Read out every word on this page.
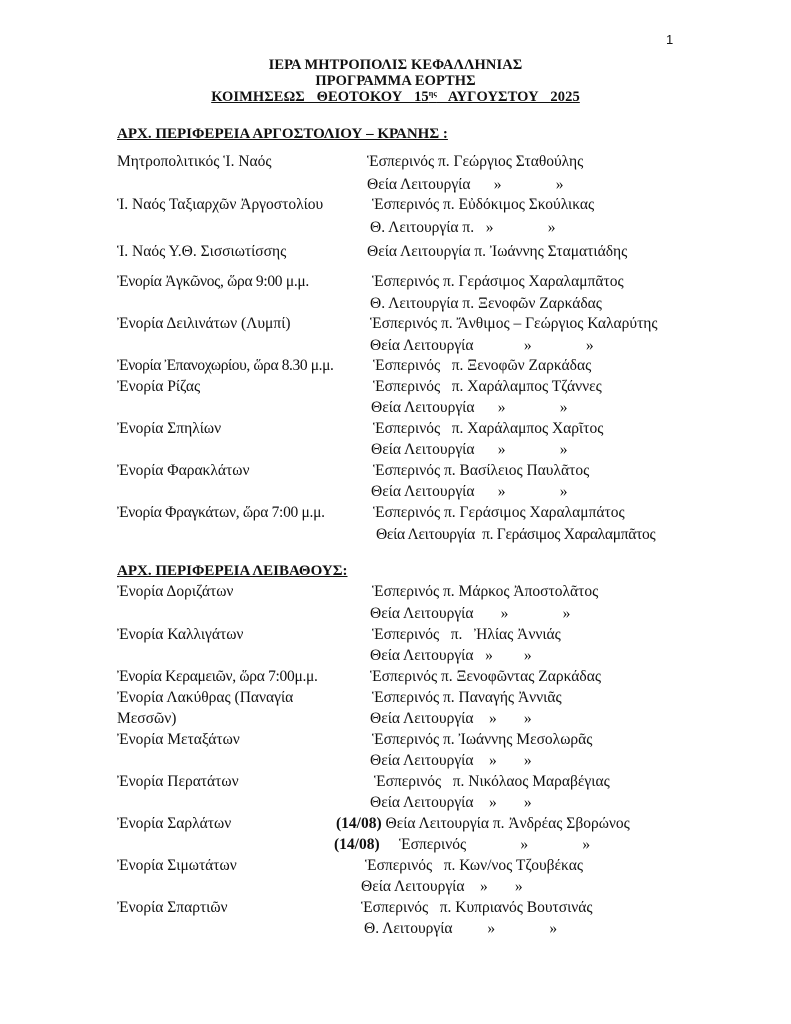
1
ΙΕΡΑ ΜΗΤΡΟΠΟΛΙΣ ΚΕΦΑΛΛΗΝΙΑΣ
ΠΡΟΓΡΑΜΜΑ ΕΟΡΤΗΣ
ΚΟΙΜΗΣΕΩΣ ΘΕΟΤΟΚΟΥ $15^{\eta\varsigma}$ ΑΥΓΟΥΣΤΟΥ 2025
ΑΡΧ. ΠΕΡΙΦΕΡΕΙΑ ΑΡΓΟΣΤΟΛΙΟΥ – ΚΡΑΝΗΣ :
Μητροπολιτικός Ἱ. Ναός	Ἑσπερινός π. Γεώργιος Σταθούλης
Θεία Λειτουργία      »              »
Ἱ. Ναός Ταξιαρχῶν Ἀργοστολίου	Ἑσπερινός π. Εὐδόκιμος Σκούλικας
Θ. Λειτουργία π.   »              »
Ἱ. Ναός Υ.Θ. Σισσιωτίσσης	Θεία Λειτουργία π. Ἰωάννης Σταματιάδης
Ἐνορία Ἀγκῶνος, ὥρα 9:00 μ.μ.	Ἑσπερινός π. Γεράσιμος Χαραλαμπᾶτος
Θ. Λειτουργία π. Ξενοφῶν Ζαρκάδας
Ἐνορία Δειλινάτων (Λυμπί)	Ἑσπερινός π. Ἄνθιμος – Γεώργιος Καλαρύτης
Θεία Λειτουργία             »              »
Ἐνορία Ἐπανοχωρίου, ὥρα 8.30 μ.μ.	Ἑσπερινός   π. Ξενοφῶν Ζαρκάδας
Ἐνορία Ρίζας	Ἑσπερινός   π. Χαράλαμπος Τζάννες
Θεία Λειτουργία      »              »
Ἐνορία Σπηλίων	Ἑσπερινός   π. Χαράλαμπος Χαρῖτος
Θεία Λειτουργία      »              »
Ἐνορία Φαρακλάτων	Ἑσπερινός π. Βασίλειος Παυλᾶτος
Θεία Λειτουργία      »              »
Ἐνορία Φραγκάτων, ὥρα 7:00 μ.μ.	Ἑσπερινός π. Γεράσιμος Χαραλαμπάτος
Θεία Λειτουργία  π. Γεράσιμος Χαραλαμπᾶτος
ΑΡΧ. ΠΕΡΙΦΕΡΕΙΑ ΛΕΙΒΑΘΟΥΣ:
Ἐνορία Δοριζάτων	Ἑσπερινός π. Μάρκος Ἀποστολᾶτος
Θεία Λειτουργία       »              »
Ἐνορία Καλλιγάτων	Ἑσπερινός   π.   Ἠλίας Ἀννιάς
Θεία Λειτουργία   »        »
Ἐνορία Κεραμειῶν, ὥρα 7:00μ.μ.	Ἑσπερινός π. Ξενοφῶντας Ζαρκάδας
Ἐνορία Λακύθρας (Παναγία	Ἑσπερινός π. Παναγής Ἀννιᾶς
Μεσσῶν)	Θεία Λειτουργία    »       »
Ἐνορία Μεταξάτων	Ἑσπερινός π. Ἰωάννης Μεσολωρᾶς
Θεία Λειτουργία    »       »
Ἐνορία Περατάτων	Ἑσπερινός   π. Νικόλαος Μαραβέγιας
Θεία Λειτουργία    »       »
Ἐνορία Σαρλάτων	(14/08) Θεία Λειτουργία π. Ἀνδρέας Σβορώνος
(14/08)     Ἑσπερινός              »              »
Ἐνορία Σιμωτάτων	Ἑσπερινός   π. Κων/νος Τζουβέκας
Θεία Λειτουργία    »       »
Ἐνορία Σπαρτιῶν	Ἑσπερινός   π. Κυπριανός Βουτσινάς
Θ. Λειτουργία         »              »
